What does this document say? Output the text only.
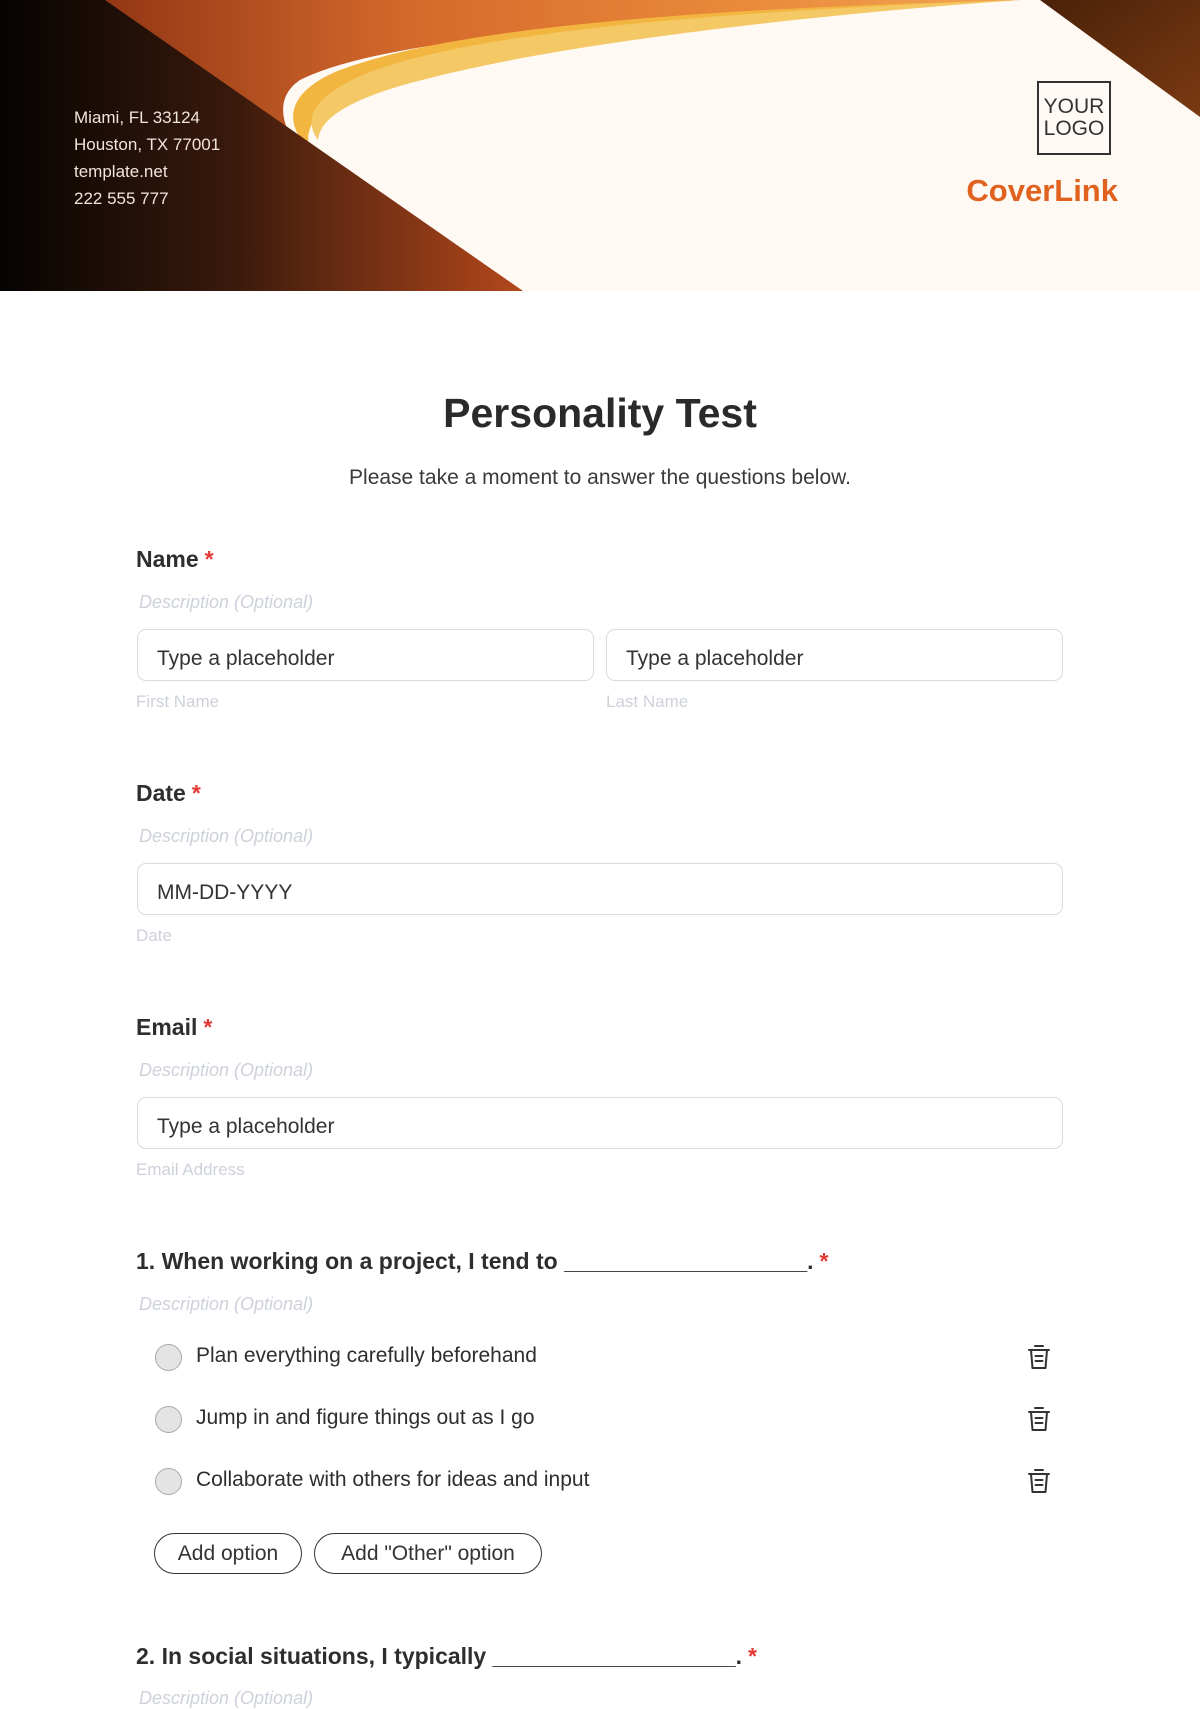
Miami, FL 33124
Houston, TX 77001
template.net
222 555 777
YOUR
LOGO
CoverLink
Personality Test
Please take a moment to answer the questions below.
Name *
Description (Optional)
Type a placeholder	Type a placeholder
First Name	Last Name
Date *
Description (Optional)
MM-DD-YYYY
Date
Email *
Description (Optional)
Type a placeholder
Email Address
1. When working on a project, I tend to ___________________. *
Description (Optional)
Plan everything carefully beforehand
Jump in and figure things out as I go
Collaborate with others for ideas and input
Add option	Add "Other" option
2. In social situations, I typically ___________________. *
Description (Optional)
